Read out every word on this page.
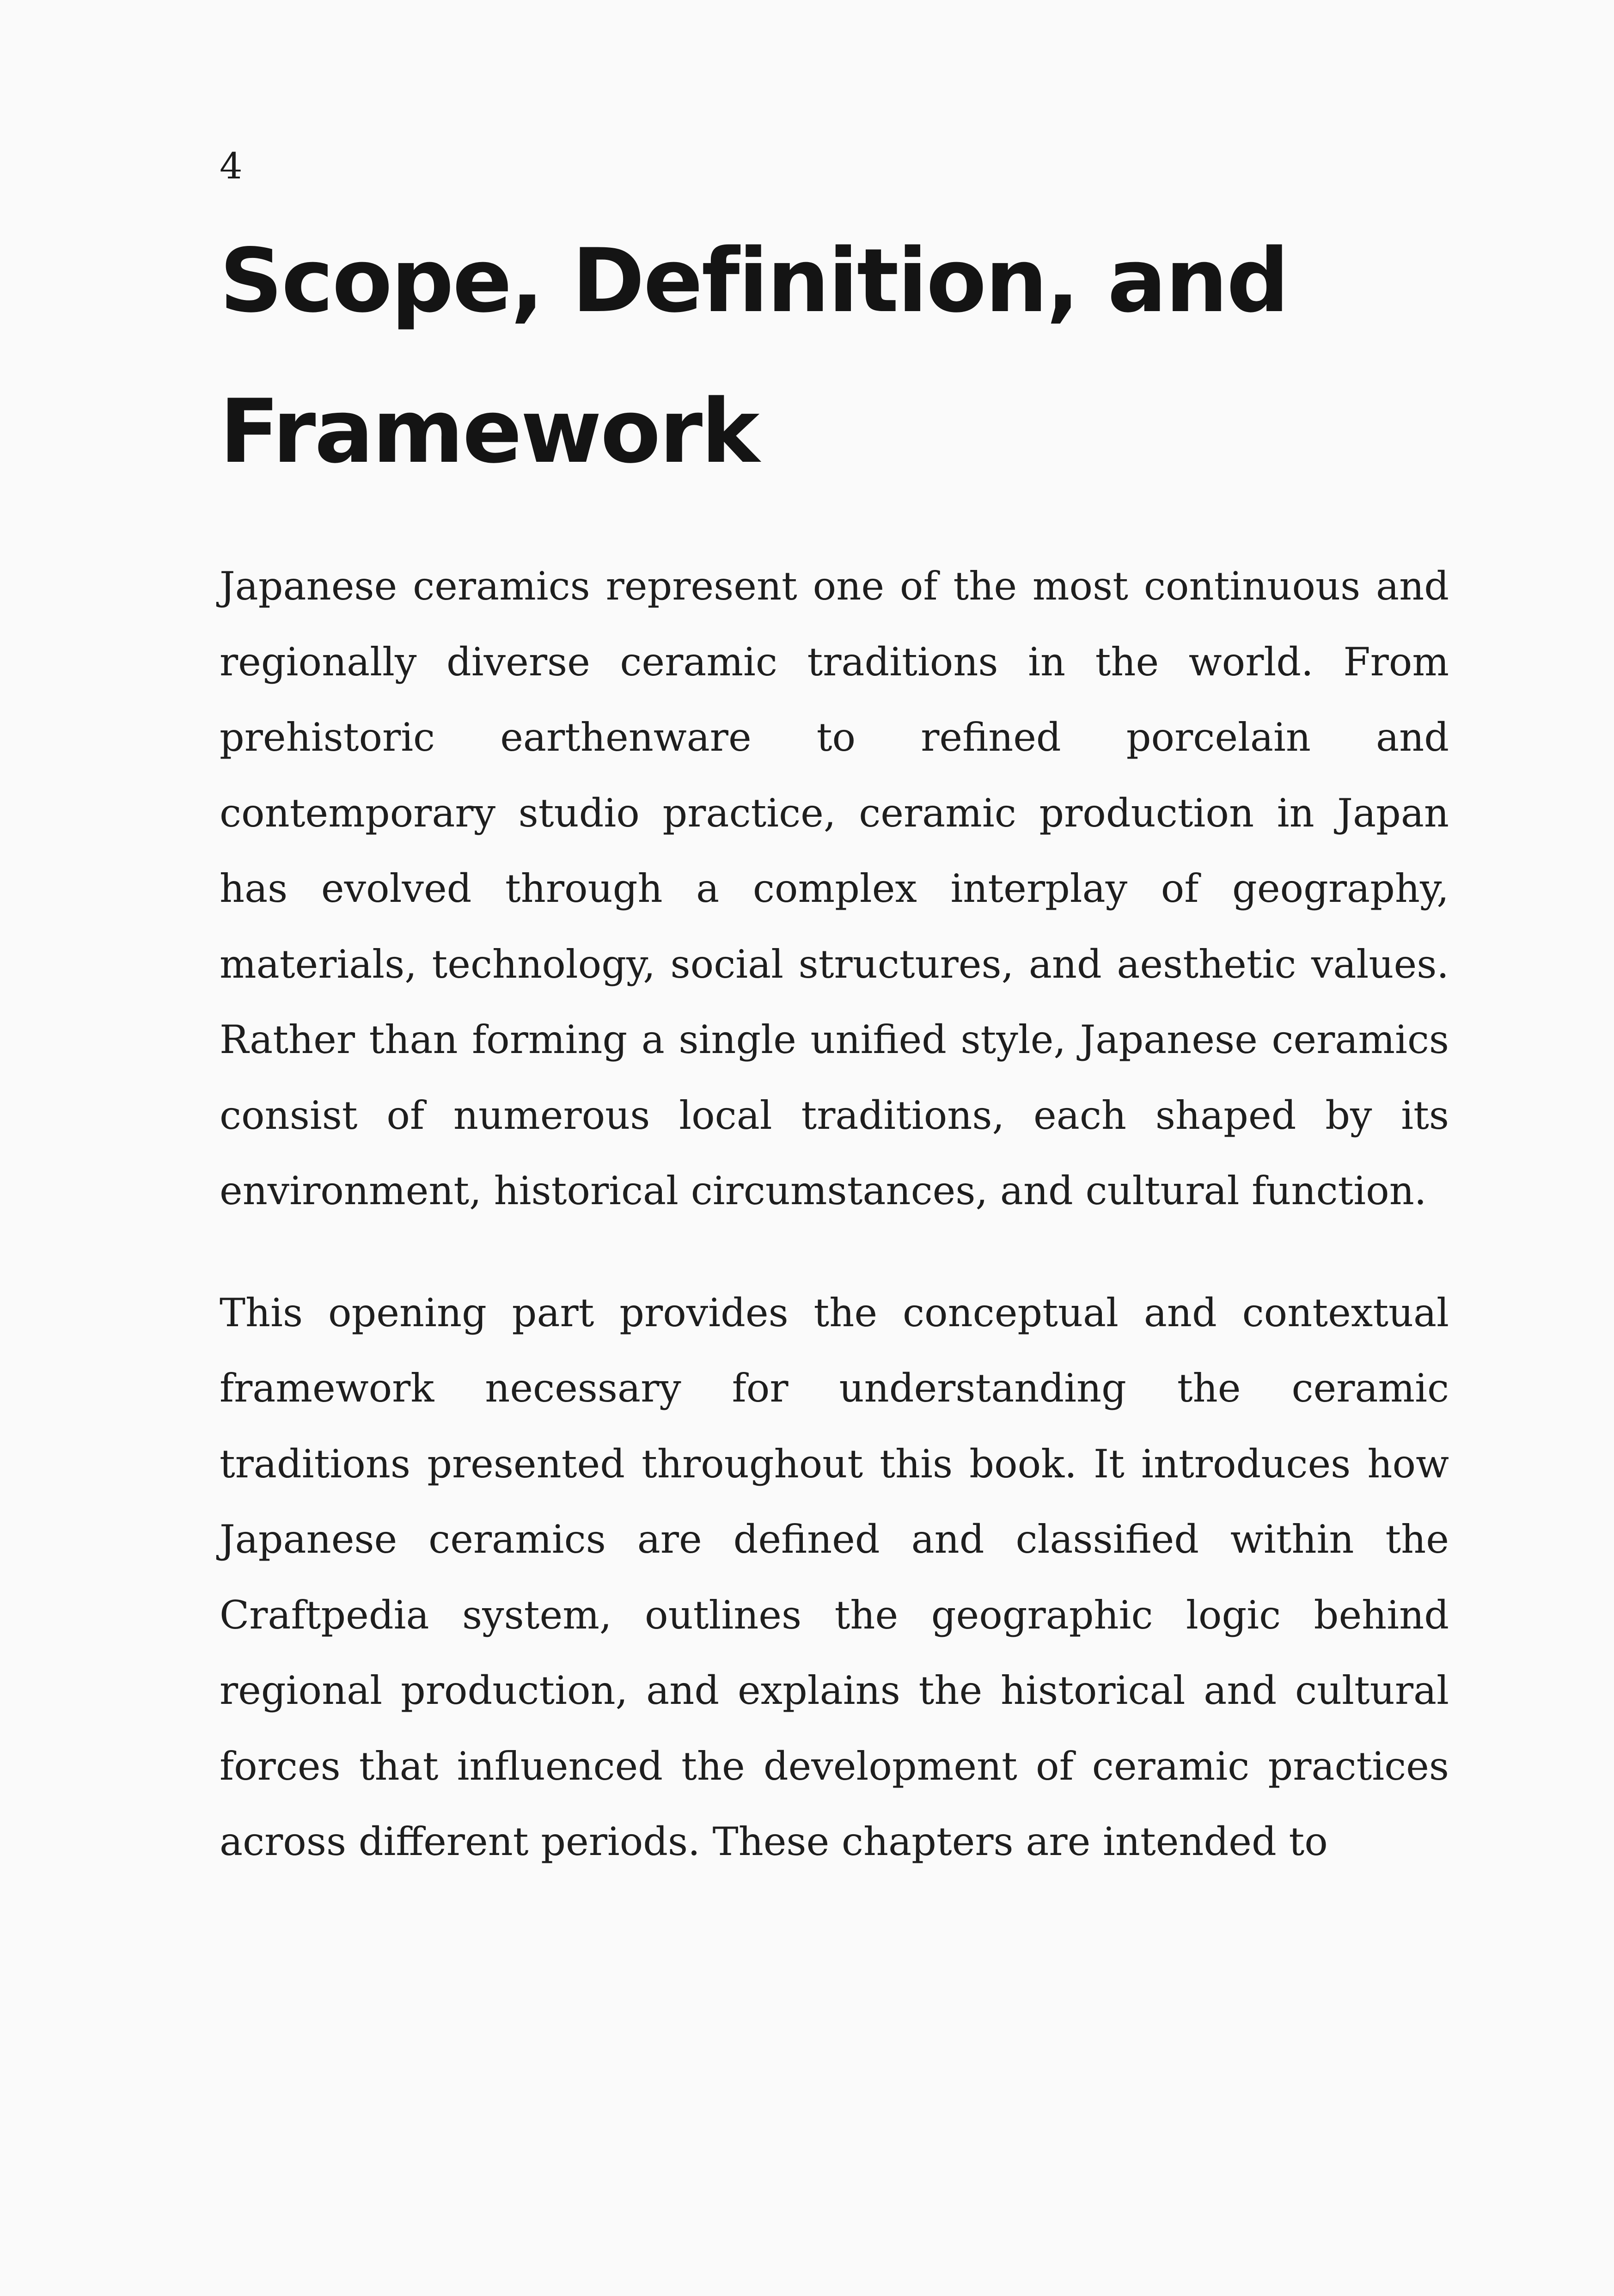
4
Scope, Definition, and Framework

Japanese ceramics represent one of the most continuous and regionally diverse ceramic traditions in the world. From prehistoric earthenware to refined porcelain and contemporary studio practice, ceramic production in Japan has evolved through a complex interplay of geography, materials, technology, social structures, and aesthetic values. Rather than forming a single unified style, Japanese ceramics consist of numerous local traditions, each shaped by its environment, historical circumstances, and cultural function.

This opening part provides the conceptual and contextual framework necessary for understanding the ceramic traditions presented throughout this book. It introduces how Japanese ceramics are defined and classified within the Craftpedia system, outlines the geographic logic behind regional production, and explains the historical and cultural forces that influenced the development of ceramic practices across different periods. These chapters are intended to
